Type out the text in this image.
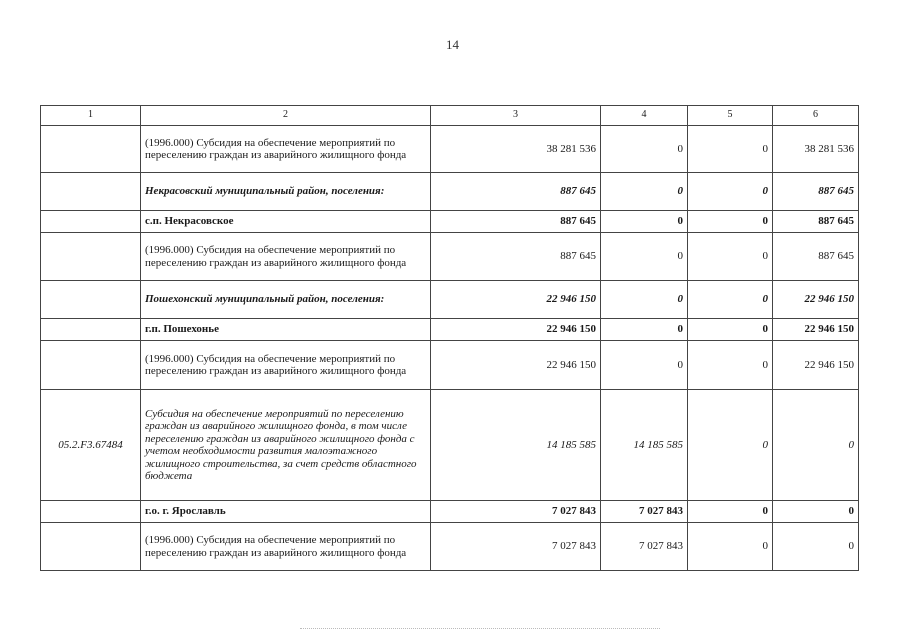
14
1	2	3	4	5	6
	(1996.000) Субсидия на обеспечение мероприятий по переселению граждан из аварийного жилищного фонда	38 281 536	0	0	38 281 536
	Некрасовский муниципальный район, поселения:	887 645	0	0	887 645
	с.п. Некрасовское	887 645	0	0	887 645
	(1996.000) Субсидия на обеспечение мероприятий по переселению граждан из аварийного жилищного фонда	887 645	0	0	887 645
	Пошехонский муниципальный район, поселения:	22 946 150	0	0	22 946 150
	г.п. Пошехонье	22 946 150	0	0	22 946 150
	(1996.000) Субсидия на обеспечение мероприятий по переселению граждан из аварийного жилищного фонда	22 946 150	0	0	22 946 150
05.2.F3.67484	Субсидия на обеспечение мероприятий по переселению граждан из аварийного жилищного фонда, в том числе переселению граждан из аварийного жилищного фонда с учетом необходимости развития малоэтажного жилищного строительства, за счет средств областного бюджета	14 185 585	14 185 585	0	0
	г.о. г. Ярославль	7 027 843	7 027 843	0	0
	(1996.000) Субсидия на обеспечение мероприятий по переселению граждан из аварийного жилищного фонда	7 027 843	7 027 843	0	0
